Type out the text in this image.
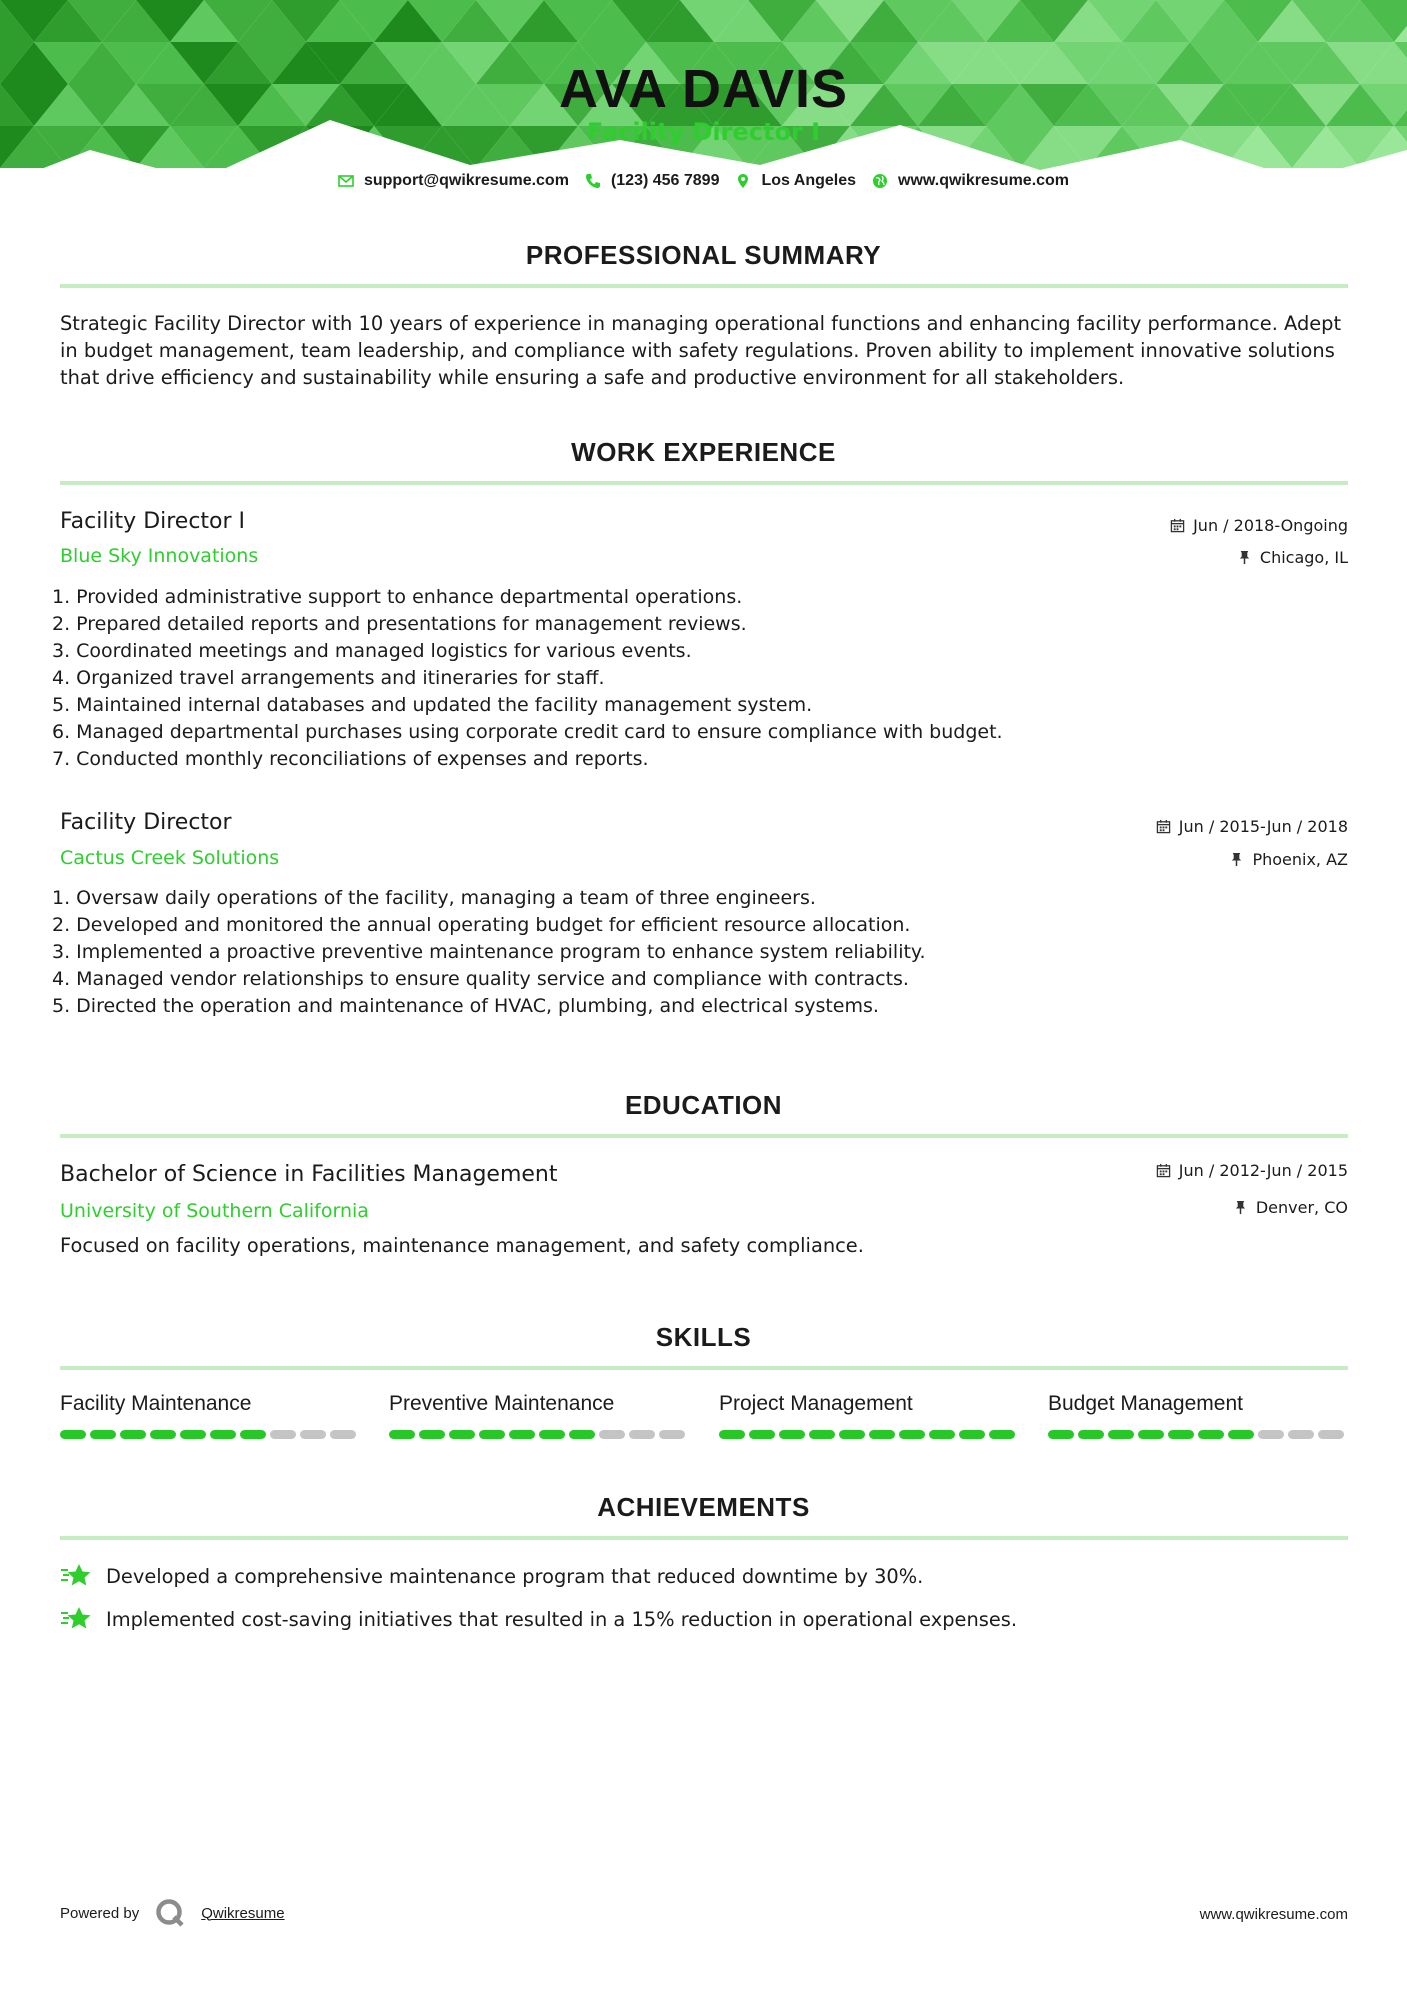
AVA DAVIS
Facility Director I
support@qwikresume.com	(123) 456 7899	Los Angeles	www.qwikresume.com
PROFESSIONAL SUMMARY
Strategic Facility Director with 10 years of experience in managing operational functions and enhancing facility performance. Adept in budget management, team leadership, and compliance with safety regulations. Proven ability to implement innovative solutions that drive efficiency and sustainability while ensuring a safe and productive environment for all stakeholders.
WORK EXPERIENCE
Facility Director I
Blue Sky Innovations
Jun / 2018-Ongoing
Chicago, IL
1. Provided administrative support to enhance departmental operations.
2. Prepared detailed reports and presentations for management reviews.
3. Coordinated meetings and managed logistics for various events.
4. Organized travel arrangements and itineraries for staff.
5. Maintained internal databases and updated the facility management system.
6. Managed departmental purchases using corporate credit card to ensure compliance with budget.
7. Conducted monthly reconciliations of expenses and reports.
Facility Director
Cactus Creek Solutions
Jun / 2015-Jun / 2018
Phoenix, AZ
1. Oversaw daily operations of the facility, managing a team of three engineers.
2. Developed and monitored the annual operating budget for efficient resource allocation.
3. Implemented a proactive preventive maintenance program to enhance system reliability.
4. Managed vendor relationships to ensure quality service and compliance with contracts.
5. Directed the operation and maintenance of HVAC, plumbing, and electrical systems.
EDUCATION
Bachelor of Science in Facilities Management
University of Southern California
Jun / 2012-Jun / 2015
Denver, CO
Focused on facility operations, maintenance management, and safety compliance.
SKILLS
Facility Maintenance	Preventive Maintenance	Project Management	Budget Management
ACHIEVEMENTS
Developed a comprehensive maintenance program that reduced downtime by 30%.
Implemented cost-saving initiatives that resulted in a 15% reduction in operational expenses.
Powered by	Qwikresume	www.qwikresume.com
